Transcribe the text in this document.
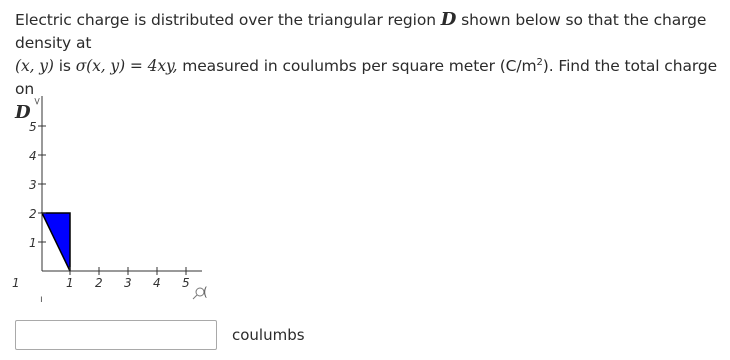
Electric charge is distributed over the triangular region D shown below so that the charge density at
(x, y) is σ(x, y) = 4xy, measured in coulumbs per square meter $(C/m^2)$. Find the total charge on
D
>
(
5
4
3
2
1
1 2 3 4 5
1
ı
coulumbs
